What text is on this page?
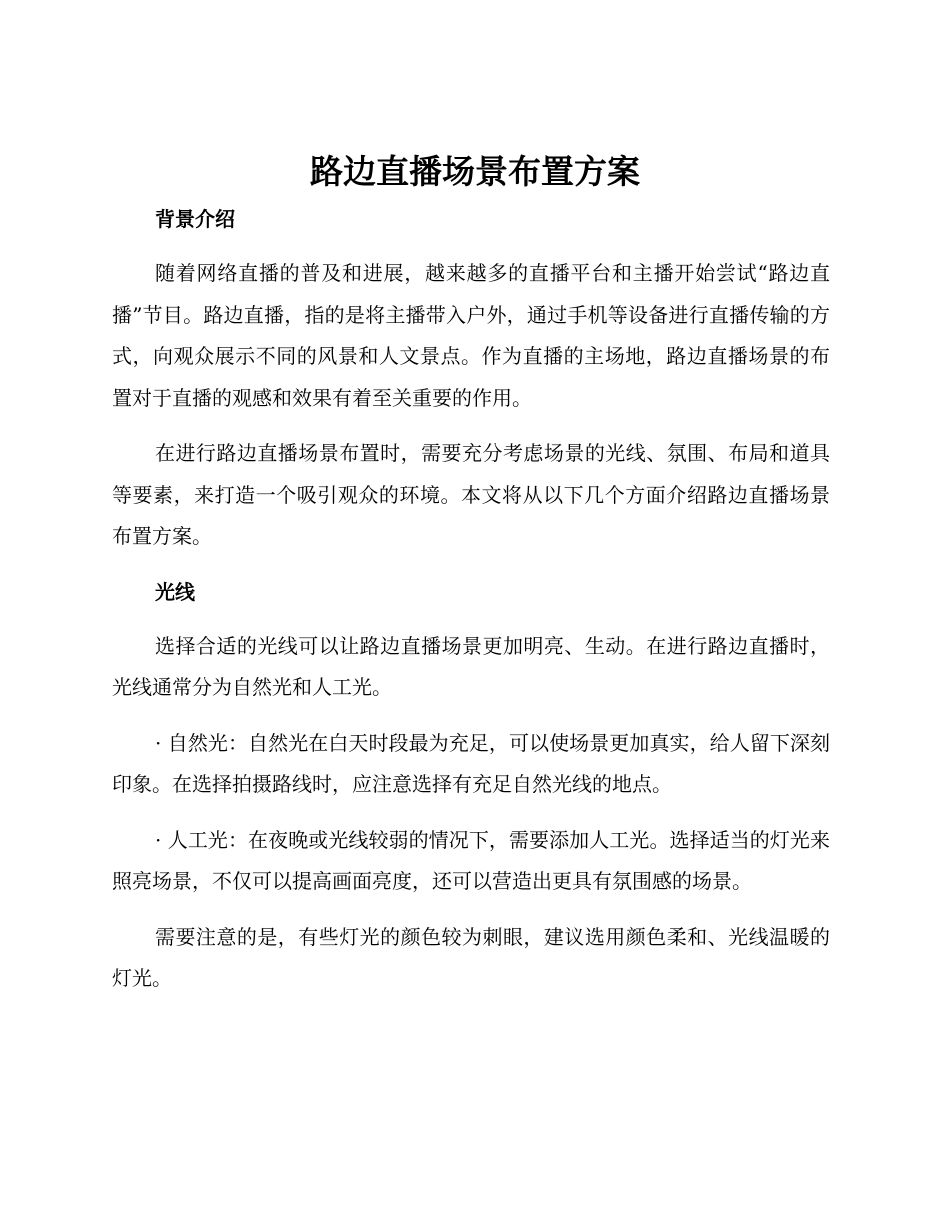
路边直播场景布置方案
背景介绍

随着网络直播的普及和进展，越来越多的直播平台和主播开始尝试“路边直播”节目。路边直播，指的是将主播带入户外，通过手机等设备进行直播传输的方式，向观众展示不同的风景和人文景点。作为直播的主场地，路边直播场景的布置对于直播的观感和效果有着至关重要的作用。

在进行路边直播场景布置时，需要充分考虑场景的光线、氛围、布局和道具等要素，来打造一个吸引观众的环境。本文将从以下几个方面介绍路边直播场景布置方案。

光线

选择合适的光线可以让路边直播场景更加明亮、生动。在进行路边直播时，光线通常分为自然光和人工光。

· 自然光：自然光在白天时段最为充足，可以使场景更加真实，给人留下深刻印象。在选择拍摄路线时，应注意选择有充足自然光线的地点。

· 人工光：在夜晚或光线较弱的情况下，需要添加人工光。选择适当的灯光来照亮场景，不仅可以提高画面亮度，还可以营造出更具有氛围感的场景。

需要注意的是，有些灯光的颜色较为刺眼，建议选用颜色柔和、光线温暖的灯光。
